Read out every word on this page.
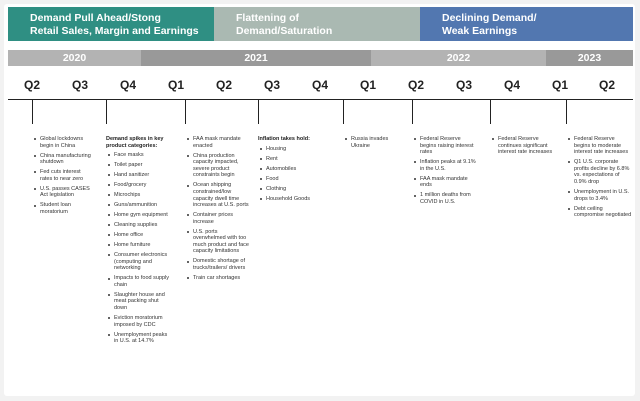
Demand Pull Ahead/Stong
Retail Sales, Margin and Earnings
Flattening of
Demand/Saturation
Declining Demand/
Weak Earnings
2020	2021	2022	2023
Q2	Q3	Q4	Q1	Q2	Q3	Q4	Q1	Q2	Q3	Q4	Q1	Q2
Global lockdowns begin in China
China manufacturing shutdown
Fed cuts interest rates to near zero
U.S. passes CASES Act legislation
Student loan moratorium
Demand spikes in key product categories:
Face masks
Toilet paper
Hand sanitizer
Food/grocery
Microchips
Guns/ammunition
Home gym equipment
Cleaning supplies
Home office
Home furniture
Consumer electronics (computing and networking
Impacts to food supply chain
Slaughter house and meat packing shut down
Eviction moratorium imposed by CDC
Unemployment peaks in U.S. at 14.7%
FAA mask mandate enacted
China production capacity impacted, severe product constraints begin
Ocean shipping constrained/low capacity dwell time increases at U.S. ports
Container prices increase
U.S. ports overwhelmed with too much product and face capacity limitations
Domestic shortage of trucks/trailers/ drivers
Train car shortages
Inflation takes hold:
Housing
Rent
Automobiles
Food
Clothing
Household Goods
Russia invades Ukraine
Federal Reserve begins raising interest rates
Inflation peaks at 9.1% in the U.S.
FAA mask mandate ends
1 million deaths from COVID in U.S.
Federal Reserve continues significant interest rate increases
Federal Reserve begins to moderate interest rate increases
Q1 U.S. corporate profits decline by 6.8% vs. expectations of 0.9% drop
Unemployment in U.S. drops to 3.4%
Debt ceiling compromise negotiated
